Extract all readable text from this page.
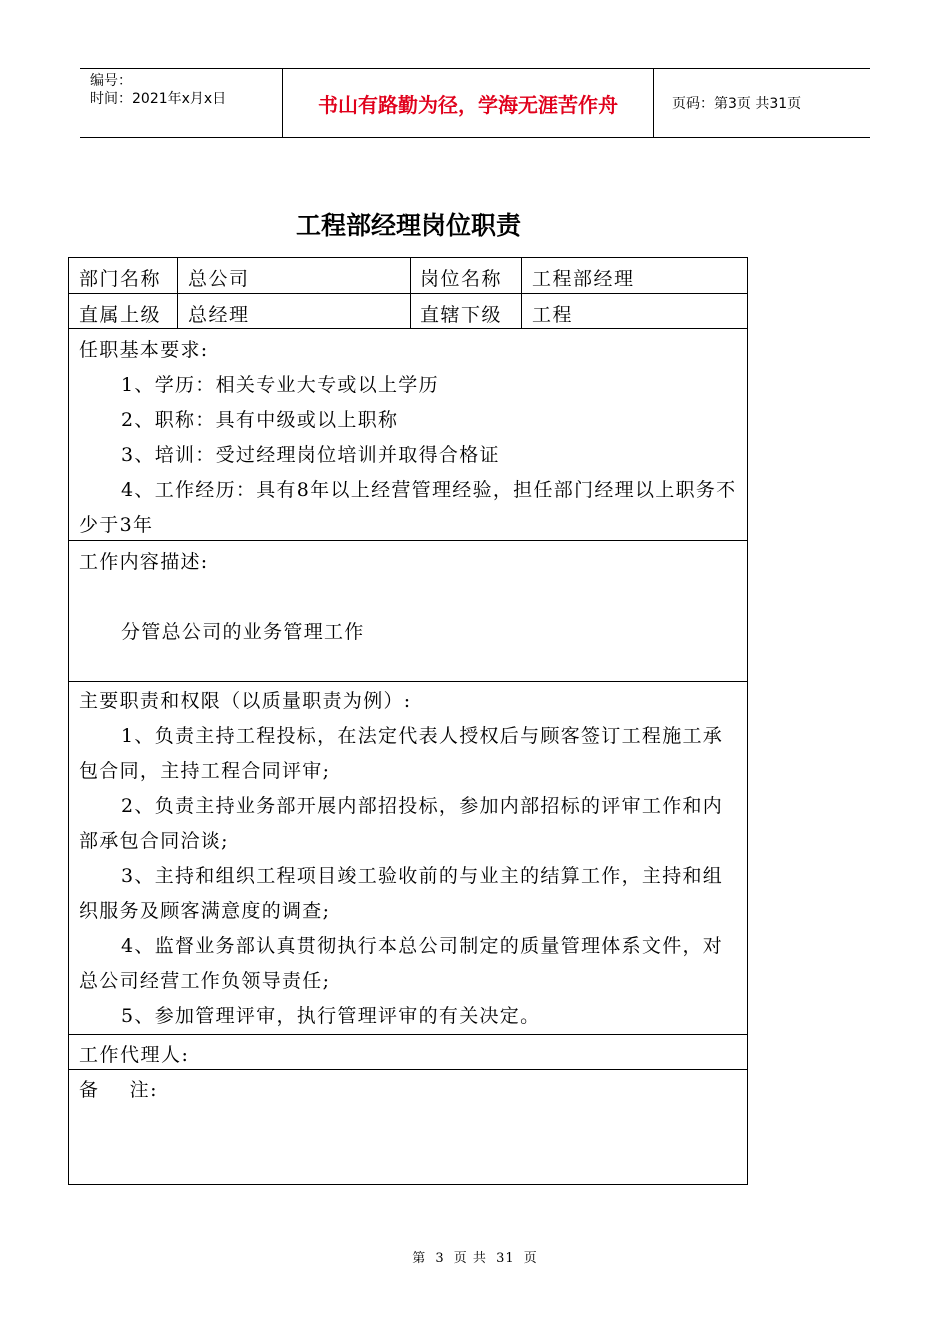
编号：
时间：2021年x月x日	书山有路勤为径，学海无涯苦作舟	页码：第3页 共31页
工程部经理岗位职责
部门名称 总公司	岗位名称 工程部经理
直属上级 总经理	直辖下级 工程

任职基本要求:

1、学历：相关专业大专或以上学历

2、职称：具有中级或以上职称

3、培训：受过经理岗位培训并取得合格证

4、工作经历：具有8年以上经营管理经验，担任部门经理以上职务不少于3年

工作内容描述:

分管总公司的业务管理工作

主要职责和权限（以质量职责为例）:

1、负责主持工程投标，在法定代表人授权后与顾客签订工程施工承包合同，主持工程合同评审;

2、负责主持业务部开展内部招投标，参加内部招标的评审工作和内部承包合同洽谈;

3、主持和组织工程项目竣工验收前的与业主的结算工作，主持和组织服务及顾客满意度的调查;

4、监督业务部认真贯彻执行本总公司制定的质量管理体系文件，对总公司经营工作负领导责任;

5、参加管理评审，执行管理评审的有关决定。

工作代理人:
备    注:
第 3 页 共 31 页
